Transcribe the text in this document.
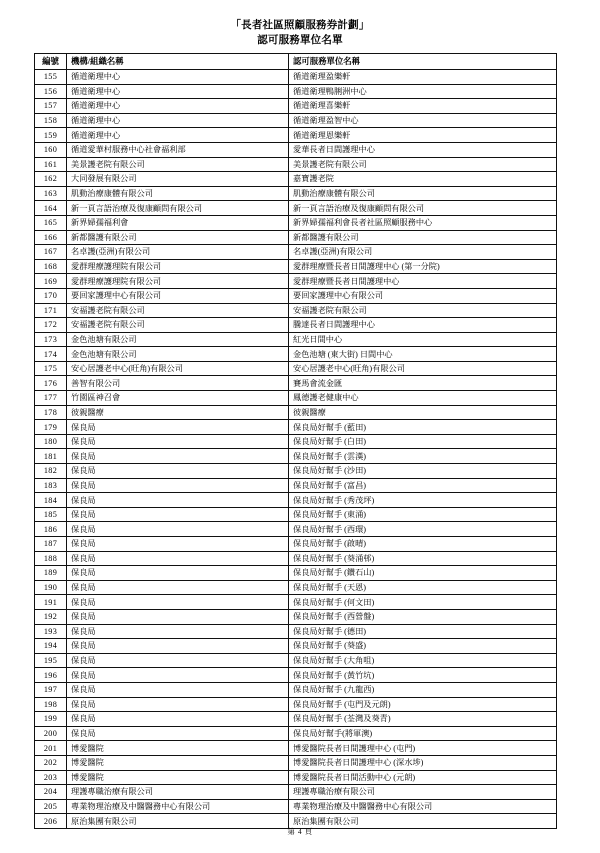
「長者社區照顧服務券計劃」
認可服務單位名單
編號	機構/組織名稱	認可服務單位名稱
155	循道衛理中心	循道衛理盈樂軒
156	循道衛理中心	循道衛理鴨脷洲中心
157	循道衛理中心	循道衛理喜樂軒
158	循道衛理中心	循道衛理盈智中心
159	循道衛理中心	循道衛理恩樂軒
160	循道愛華村服務中心社會福利部	愛華長者日間護理中心
161	美景護老院有限公司	美景護老院有限公司
162	大同發展有限公司	嘉寶護老院
163	肌動治療康體有限公司	肌動治療康體有限公司
164	新一頁言語治療及復康顧問有限公司	新一頁言語治療及復康顧問有限公司
165	新界婦孺福利會	新界婦孺福利會長者社區照顧服務中心
166	新都醫護有限公司	新都醫護有限公司
167	名卓護(亞洲)有限公司	名卓護(亞洲)有限公司
168	愛群理療護理院有限公司	愛群理療暨長者日間護理中心 (第一分院)
169	愛群理療護理院有限公司	愛群理療暨長者日間護理中心
170	要回家護理中心有限公司	要回家護理中心有限公司
171	安福護老院有限公司	安福護老院有限公司
172	安福護老院有限公司	騰達長者日間護理中心
173	金色池塘有限公司	紅光日間中心
174	金色池塘有限公司	金色池塘 (東大街) 日間中心
175	安心居護老中心(旺角)有限公司	安心居護老中心(旺角)有限公司
176	善智有限公司	賽馬會流金匯
177	竹園區神召會	鳳德護老健康中心
178	彼親醫療	彼親醫療
179	保良局	保良局好幫手 (藍田)
180	保良局	保良局好幫手 (白田)
181	保良局	保良局好幫手 (雲漢)
182	保良局	保良局好幫手 (沙田)
183	保良局	保良局好幫手 (富昌)
184	保良局	保良局好幫手 (秀茂坪)
185	保良局	保良局好幫手 (東涌)
186	保良局	保良局好幫手 (西環)
187	保良局	保良局好幫手 (啟晴)
188	保良局	保良局好幫手 (葵涌邨)
189	保良局	保良局好幫手 (鑽石山)
190	保良局	保良局好幫手 (天恩)
191	保良局	保良局好幫手 (何文田)
192	保良局	保良局好幫手 (西營盤)
193	保良局	保良局好幫手 (德田)
194	保良局	保良局好幫手 (葵盛)
195	保良局	保良局好幫手 (大角咀)
196	保良局	保良局好幫手 (黃竹坑)
197	保良局	保良局好幫手 (九龍西)
198	保良局	保良局好幫手 (屯門及元朗)
199	保良局	保良局好幫手 (荃灣及葵青)
200	保良局	保良局好幫手(將軍澳)
201	博愛醫院	博愛醫院長者日間護理中心 (屯門)
202	博愛醫院	博愛醫院長者日間護理中心 (深水埗)
203	博愛醫院	博愛醫院長者日間活動中心 (元朗)
204	理護專職治療有限公司	理護專職治療有限公司
205	專業物理治療及中醫醫務中心有限公司	專業物理治療及中醫醫務中心有限公司
206	原治集團有限公司	原治集團有限公司
第 4 頁
